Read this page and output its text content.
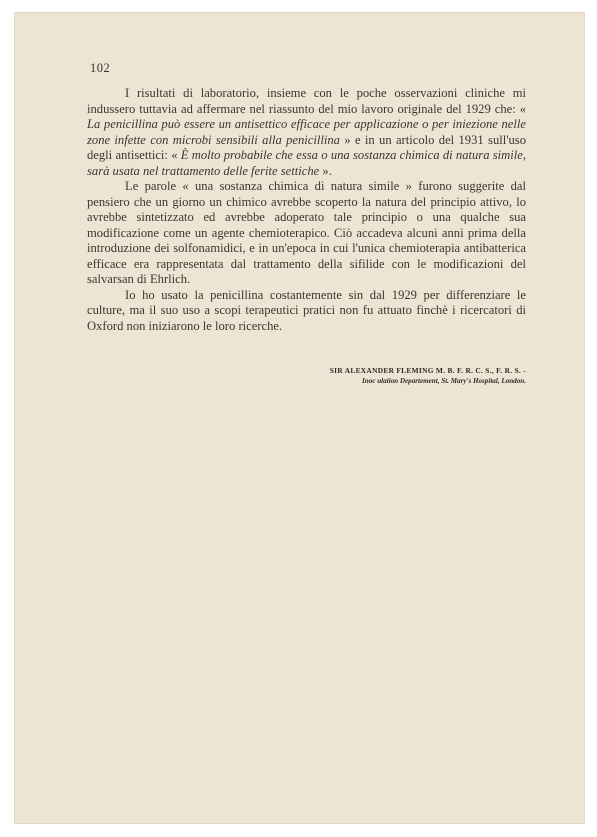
102

I risultati di laboratorio, insieme con le poche osservazioni cliniche mi indussero tuttavia ad affermare nel riassunto del mio lavoro originale del 1929 che: « La penicillina può essere un antisettico efficace per applicazione o per iniezione nelle zone infette con microbi sensibili alla penicillina » e in un articolo del 1931 sull'uso degli antisettici: « È molto probabile che essa o una sostanza chimica di natura simile, sarà usata nel trattamento delle ferite settiche ».

Le parole « una sostanza chimica di natura simile » furono suggerite dal pensiero che un giorno un chimico avrebbe scoperto la natura del principio attivo, lo avrebbe sintetizzato ed avrebbe adoperato tale principio o una qualche sua modificazione come un agente chemioterapico. Ciò accadeva alcuni anni prima della introduzione dei solfonamidici, e in un'epoca in cui l'unica chemioterapia antibatterica efficace era rappresentata dal trattamento della sifilide con le modificazioni del salvarsan di Ehrlich.

Io ho usato la penicillina costantemente sin dal 1929 per differenziare le culture, ma il suo uso a scopi terapeutici pratici non fu attuato finchè i ricercatori di Oxford non iniziarono le loro ricerche.

SIR ALEXANDER FLEMING M. B. F. R. C. S., F. R. S. -
Inoc ulation Departement, St. Mary's Hospital, London.
